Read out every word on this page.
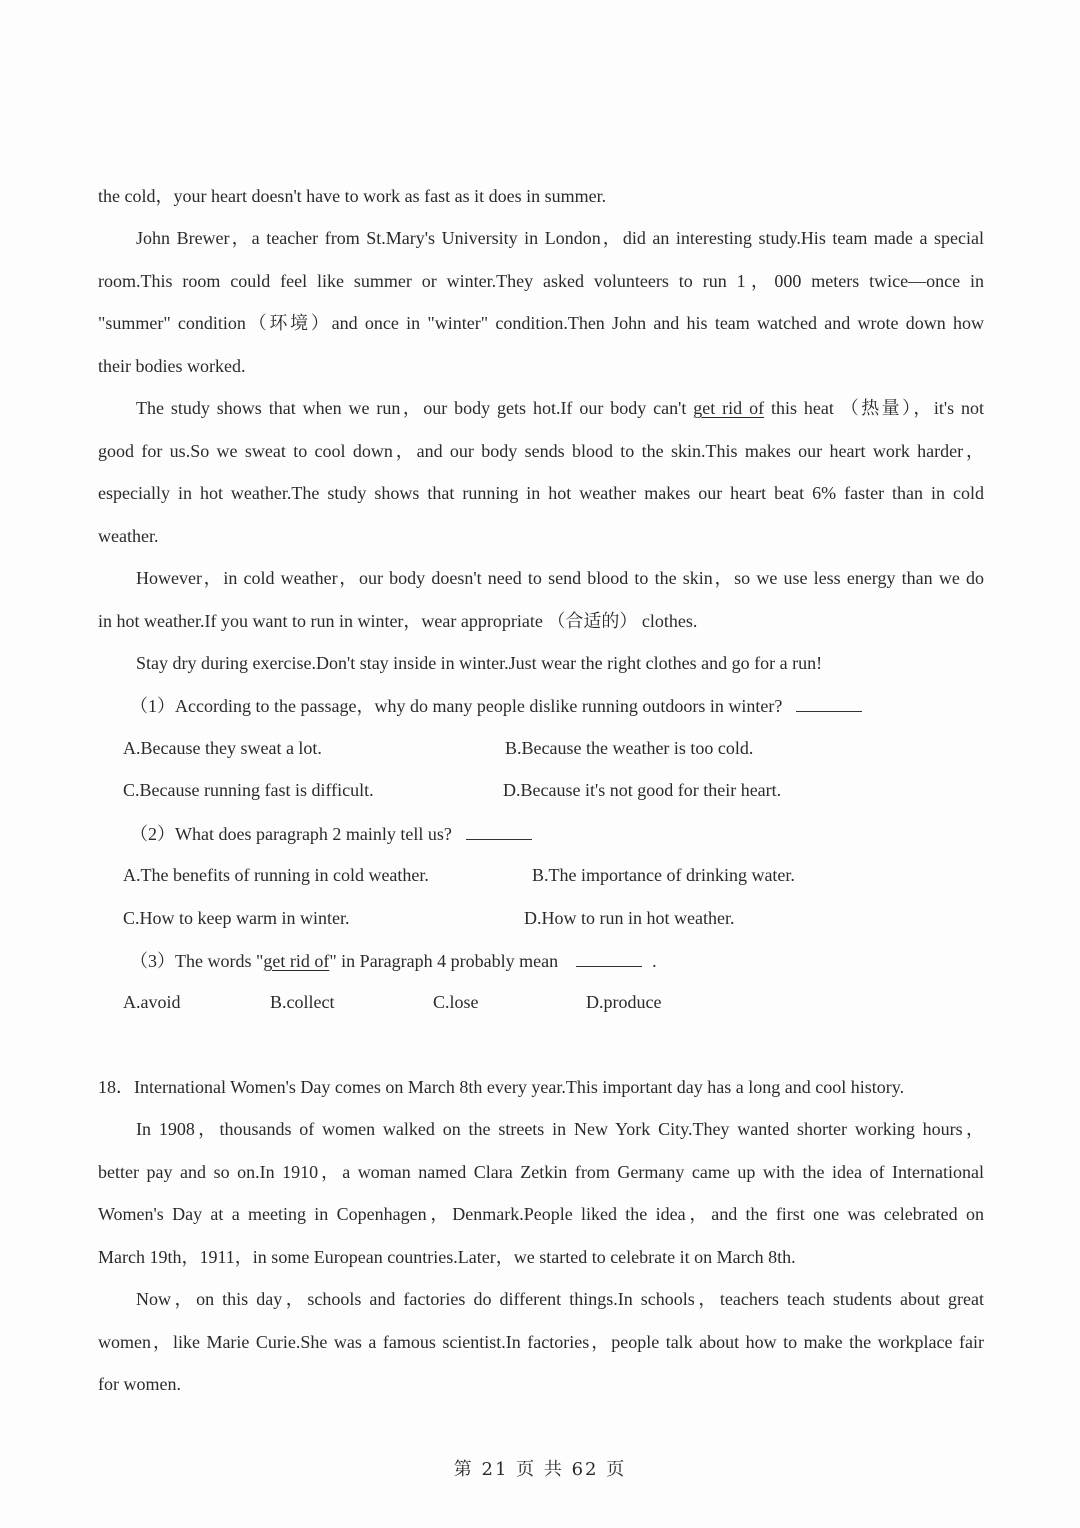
the cold，your heart doesn't have to work as fast as it does in summer.
John Brewer，a teacher from St.Mary's University in London，did an interesting study.His team made a special
room.This room could feel like summer or winter.They asked volunteers to run 1，000 meters twice—once in
"summer" condition（环境）and once in "winter" condition.Then John and his team watched and wrote down how
their bodies worked.
The study shows that when we run，our body gets hot.If our body can't get rid of this heat （热量），it's not
good for us.So we sweat to cool down，and our body sends blood to the skin.This makes our heart work harder，
especially in hot weather.The study shows that running in hot weather makes our heart beat 6% faster than in cold
weather.
However，in cold weather，our body doesn't need to send blood to the skin，so we use less energy than we do
in hot weather.If you want to run in winter，wear appropriate （合适的） clothes.
Stay dry during exercise.Don't stay inside in winter.Just wear the right clothes and go for a run!
（1）According to the passage，why do many people dislike running outdoors in winter?
A.Because they sweat a lot.	B.Because the weather is too cold.
C.Because running fast is difficult.	D.Because it's not good for their heart.
（2）What does paragraph 2 mainly tell us?
A.The benefits of running in cold weather.	B.The importance of drinking water.
C.How to keep warm in winter.	D.How to run in hot weather.
（3）The words "get rid of" in Paragraph 4 probably mean	.
A.avoid	B.collect	C.lose	D.produce
18．International Women's Day comes on March 8th every year.This important day has a long and cool history.
In 1908，thousands of women walked on the streets in New York City.They wanted shorter working hours，
better pay and so on.In 1910，a woman named Clara Zetkin from Germany came up with the idea of International
Women's Day at a meeting in Copenhagen，Denmark.People liked the idea，and the first one was celebrated on
March 19th，1911，in some European countries.Later，we started to celebrate it on March 8th.
Now，on this day，schools and factories do different things.In schools，teachers teach students about great
women，like Marie Curie.She was a famous scientist.In factories，people talk about how to make the workplace fair
for women.
第 21 页 共 62 页
